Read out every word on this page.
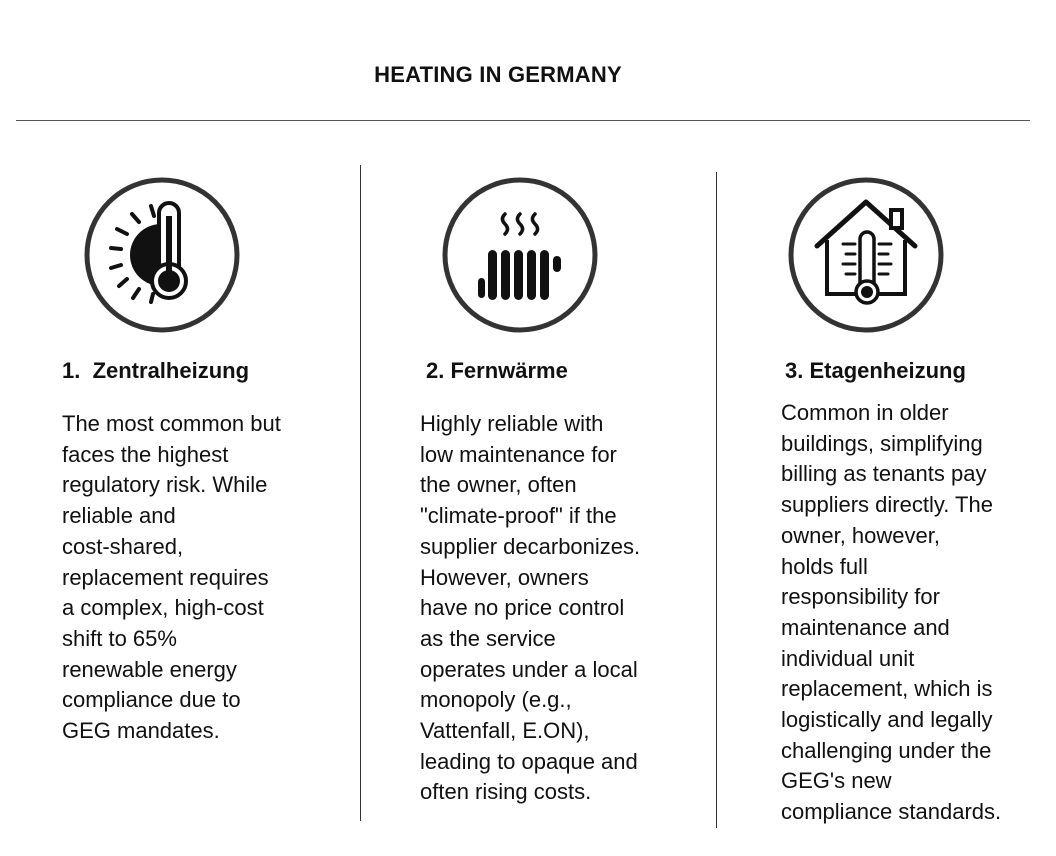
HEATING IN GERMANY
1.  Zentralheizung	2. Fernwärme	3. Etagenheizung
The most common but
faces the highest
regulatory risk. While
reliable and
cost-shared,
replacement requires
a complex, high-cost
shift to 65%
renewable energy
compliance due to
GEG mandates.
Highly reliable with
low maintenance for
the owner, often
"climate-proof" if the
supplier decarbonizes.
However, owners
have no price control
as the service
operates under a local
monopoly (e.g.,
Vattenfall, E.ON),
leading to opaque and
often rising costs.
Common in older
buildings, simplifying
billing as tenants pay
suppliers directly. The
owner, however,
holds full
responsibility for
maintenance and
individual unit
replacement, which is
logistically and legally
challenging under the
GEG's new
compliance standards.
